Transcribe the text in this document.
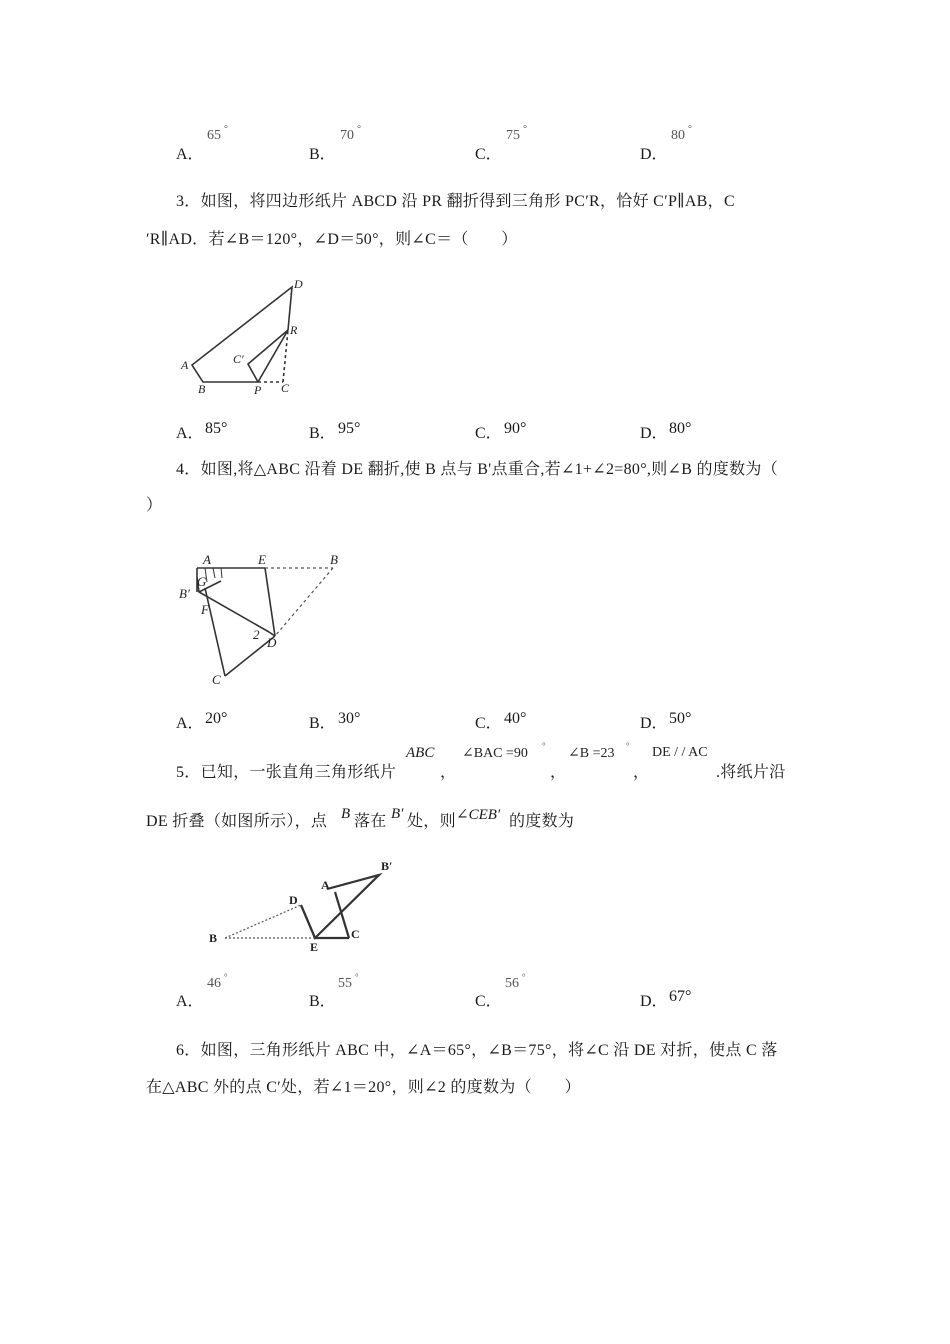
A．
65 °
B．
70 °
C．
75 °
D．
80 °
3．如图，将四边形纸片 ABCD 沿 PR 翻折得到三角形 PC′R，恰好 C′P∥AB，C
′R∥AD．若∠B＝120°，∠D＝50°，则∠C＝（　　）
A
B	P C
C′
R
D
A． 85°	B． 95°	C． 90°	D． 80°
4．如图,将△ABC 沿着 DE 翻折,使 B 点与 B'点重合,若∠1+∠2=80°,则∠B 的度数为（
）
A	E	B
G
B′
F
2
D
C
A． 20°	B． 30°	C． 40°	D． 50°
5．已知，一张直角三角形纸片
ABC
，
∠BAC =90 °
，
∠B =23 °
，
DE / / AC
.将纸片沿
DE 折叠（如图所示），点 B 落在 B′ 处，则 ∠CEB′ 的度数为
B
D
A
B′
E
C
A．
46 °
B．
55 °
C．
56 °
D． 67°
6．如图，三角形纸片 ABC 中，∠A＝65°，∠B＝75°，将∠C 沿 DE 对折，使点 C 落
在△ABC 外的点 C′处，若∠1＝20°，则∠2 的度数为（　　）
